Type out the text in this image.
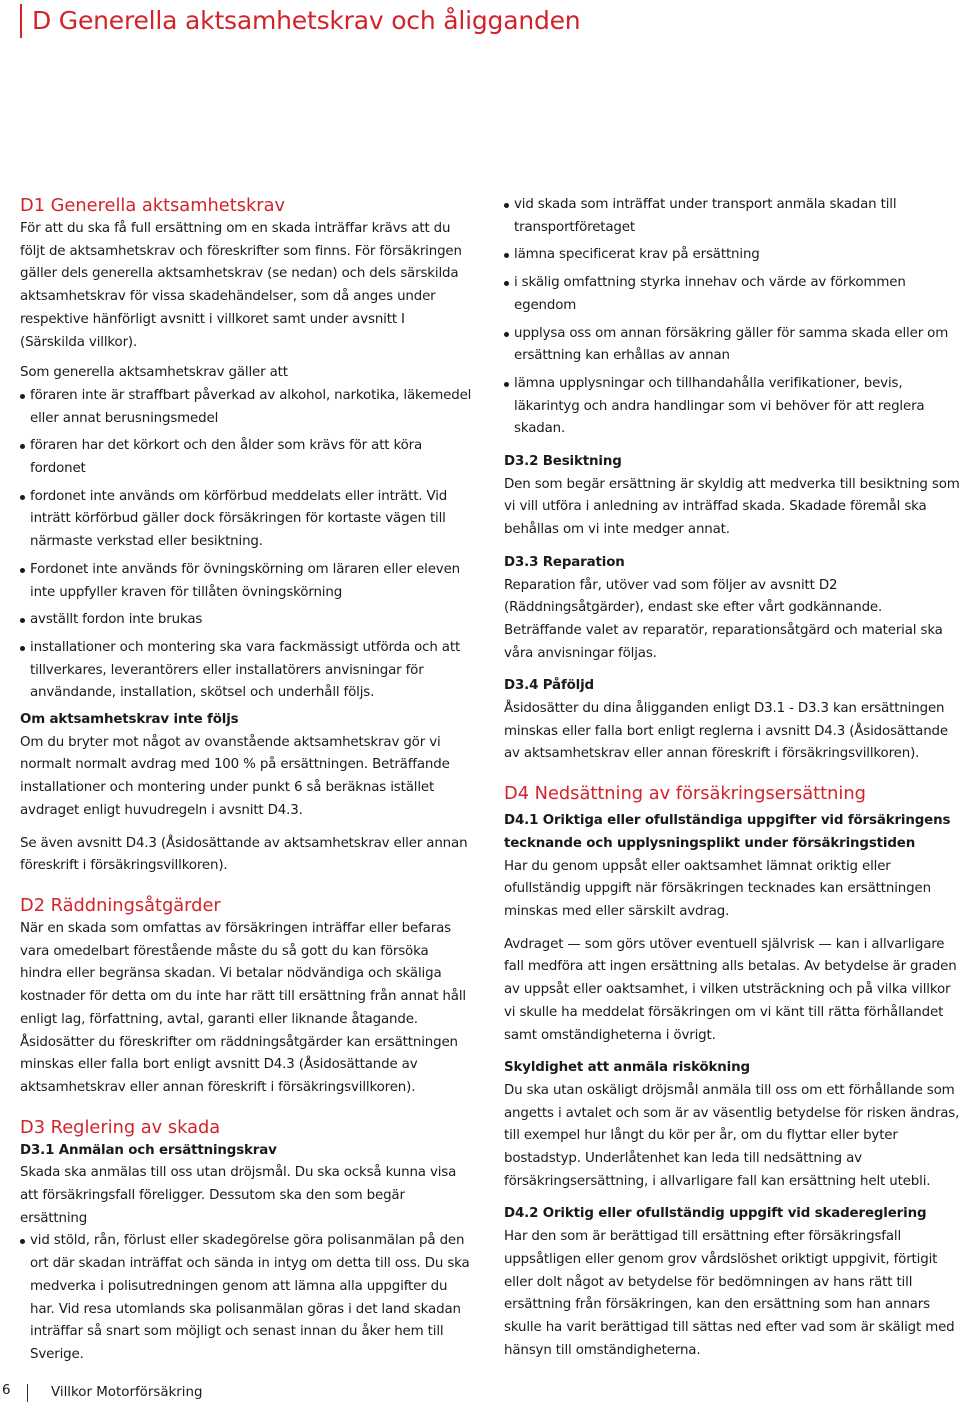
D Generella aktsamhetskrav och åligganden
D1 Generella aktsamhetskrav

För att du ska få full ersättning om en skada inträffar krävs att du följt de aktsamhetskrav och föreskrifter som finns. För försäkringen gäller dels generella aktsamhetskrav (se nedan) och dels särskilda aktsamhetskrav för vissa skadehändelser, som då anges under respektive hänförligt avsnitt i villkoret samt under avsnitt I (Särskilda villkor).

Som generella aktsamhetskrav gäller att

föraren inte är straffbart påverkad av alkohol, narkotika, läkemedel eller annat berusningsmedel
föraren har det körkort och den ålder som krävs för att köra fordonet
fordonet inte används om körförbud meddelats eller inträtt. Vid inträtt körförbud gäller dock försäkringen för kortaste vägen till närmaste verkstad eller besiktning.
Fordonet inte används för övningskörning om läraren eller eleven inte uppfyller kraven för tillåten övningskörning
avställt fordon inte brukas
installationer och montering ska vara fackmässigt utförda och att tillverkares, leverantörers eller installatörers anvisningar för användande, installation, skötsel och underhåll följs.

Om aktsamhetskrav inte följs

Om du bryter mot något av ovanstående aktsamhetskrav gör vi normalt normalt avdrag med 100 % på ersättningen. Beträffande installationer och montering under punkt 6 så beräknas istället avdraget enligt huvudregeln i avsnitt D4.3.

Se även avsnitt D4.3 (Åsidosättande av aktsamhetskrav eller annan föreskrift i försäkringsvillkoren).

D2 Räddningsåtgärder

När en skada som omfattas av försäkringen inträffar eller befaras vara omedelbart förestående måste du så gott du kan försöka hindra eller begränsa skadan. Vi betalar nödvändiga och skäliga kostnader för detta om du inte har rätt till ersättning från annat håll enligt lag, författning, avtal, garanti eller liknande åtagande. Åsidosätter du föreskrifter om räddningsåtgärder kan ersättningen minskas eller falla bort enligt avsnitt D4.3 (Åsidosättande av aktsamhetskrav eller annan föreskrift i försäkringsvillkoren).

D3 Reglering av skada

D3.1 Anmälan och ersättningskrav

Skada ska anmälas till oss utan dröjsmål. Du ska också kunna visa att försäkringsfall föreligger. Dessutom ska den som begär ersättning

vid stöld, rån, förlust eller skadegörelse göra polisanmälan på den ort där skadan inträffat och sända in intyg om detta till oss. Du ska medverka i polisutredningen genom att lämna alla uppgifter du har. Vid resa utomlands ska polisanmälan göras i det land skadan inträffar så snart som möjligt och senast innan du åker hem till Sverige.
vid skada som inträffat under transport anmäla skadan till transportföretaget
lämna specificerat krav på ersättning
i skälig omfattning styrka innehav och värde av förkommen egendom
upplysa oss om annan försäkring gäller för samma skada eller om ersättning kan erhållas av annan
lämna upplysningar och tillhandahålla verifikationer, bevis, läkarintyg och andra handlingar som vi behöver för att reglera skadan.

D3.2 Besiktning

Den som begär ersättning är skyldig att medverka till besiktning som vi vill utföra i anledning av inträffad skada. Skadade föremål ska behållas om vi inte medger annat.

D3.3 Reparation

Reparation får, utöver vad som följer av avsnitt D2 (Räddningsåtgärder), endast ske efter vårt godkännande. Beträffande valet av reparatör, reparationsåtgärd och material ska våra anvisningar följas.

D3.4 Påföljd

Åsidosätter du dina åligganden enligt D3.1 - D3.3 kan ersättningen minskas eller falla bort enligt reglerna i avsnitt D4.3 (Åsidosättande av aktsamhetskrav eller annan föreskrift i försäkringsvillkoren).

D4 Nedsättning av försäkringsersättning

D4.1 Oriktiga eller ofullständiga uppgifter vid försäkringens tecknande och upplysningsplikt under försäkringstiden

Har du genom uppsåt eller oaktsamhet lämnat oriktig eller ofullständig uppgift när försäkringen tecknades kan ersättningen minskas med eller särskilt avdrag.

Avdraget — som görs utöver eventuell självrisk — kan i allvarligare fall medföra att ingen ersättning alls betalas. Av betydelse är graden av uppsåt eller oaktsamhet, i vilken utsträckning och på vilka villkor vi skulle ha meddelat försäkringen om vi känt till rätta förhållandet samt omständigheterna i övrigt.

Skyldighet att anmäla riskökning

Du ska utan oskäligt dröjsmål anmäla till oss om ett förhållande som angetts i avtalet och som är av väsentlig betydelse för risken ändras, till exempel hur långt du kör per år, om du flyttar eller byter bostadstyp. Underlåtenhet kan leda till nedsättning av försäkringsersättning, i allvarligare fall kan ersättning helt utebli.

D4.2 Oriktig eller ofullständig uppgift vid skadereglering

Har den som är berättigad till ersättning efter försäkringsfall uppsåtligen eller genom grov vårdslöshet oriktigt uppgivit, förtigit eller dolt något av betydelse för bedömningen av hans rätt till ersättning från försäkringen, kan den ersättning som han annars skulle ha varit berättigad till sättas ned efter vad som är skäligt med hänsyn till omständigheterna.

6	Villkor Motorförsäkring
